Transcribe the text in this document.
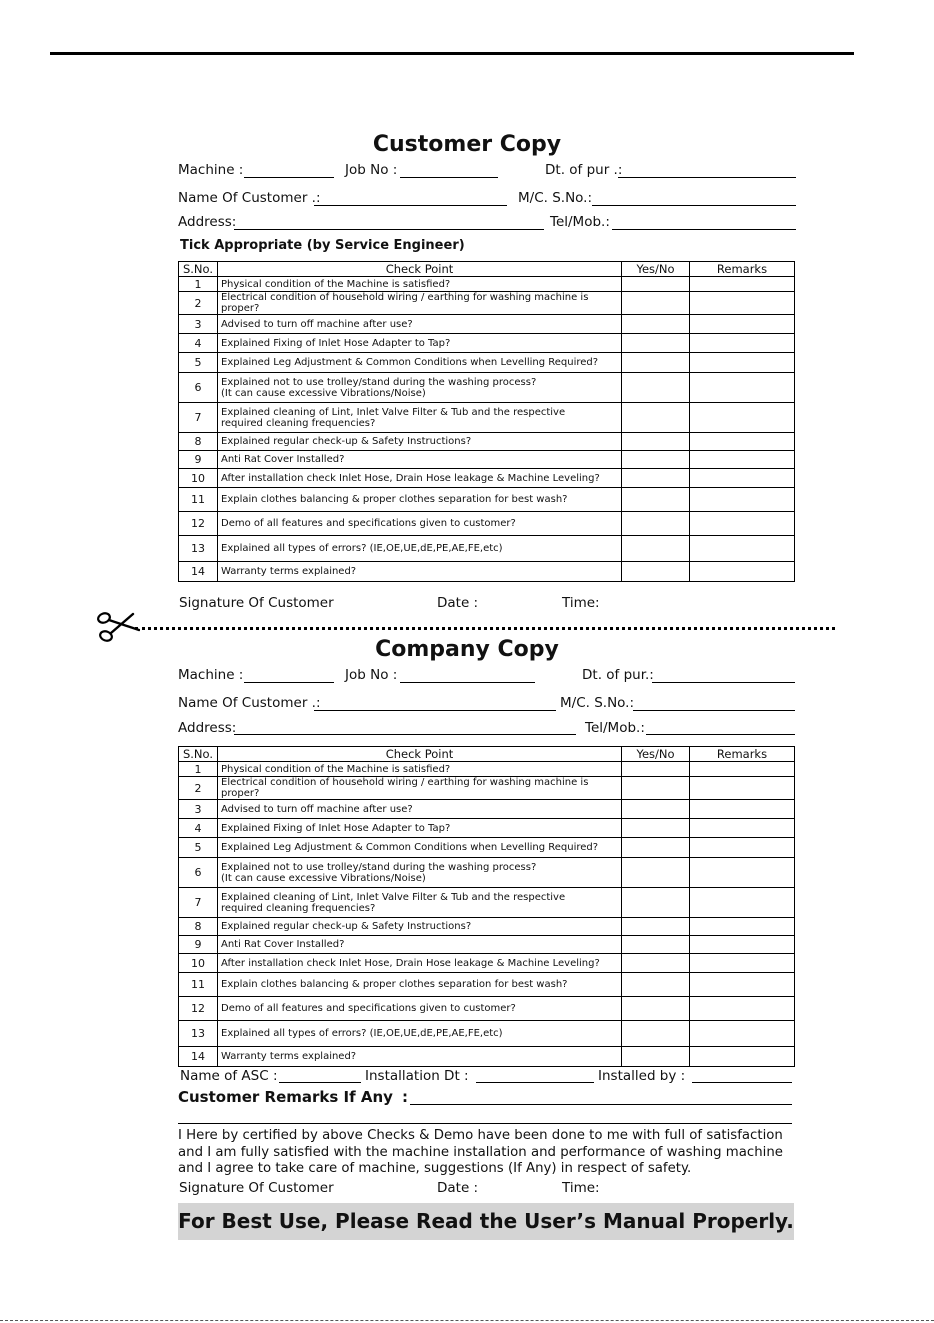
Customer Copy
Machine :	Job No :	Dt. of pur .:
Name Of Customer .:	M/C. S.No.:
Address:	Tel/Mob.:
Tick Appropriate (by Service Engineer)
S.No.	Check Point	Yes/No	Remarks
1	Physical condition of the Machine is satisfied?		
2	Electrical condition of household wiring / earthing for washing machine is proper?		
3	Advised to turn off machine after use?		
4	Explained Fixing of Inlet Hose Adapter to Tap?		
5	Explained Leg Adjustment & Common Conditions when Levelling Required?		
6	Explained not to use trolley/stand during the washing process?
(It can cause excessive Vibrations/Noise)		
7	Explained cleaning of Lint, Inlet Valve Filter & Tub and the respective
required cleaning frequencies?		
8	Explained regular check-up & Safety Instructions?		
9	Anti Rat Cover Installed?		
10	After installation check Inlet Hose, Drain Hose leakage & Machine Leveling?		
11	Explain clothes balancing & proper clothes separation for best wash?		
12	Demo of all features and specifications given to customer?		
13	Explained all types of errors? (IE,OE,UE,dE,PE,AE,FE,etc)		
14	Warranty terms explained?		
Signature Of Customer	Date :	Time:
Company Copy
Machine :	Job No :	Dt. of pur.:
Name Of Customer .:	M/C. S.No.:
Address:	Tel/Mob.:
S.No.	Check Point	Yes/No	Remarks
1	Physical condition of the Machine is satisfied?		
2	Electrical condition of household wiring / earthing for washing machine is proper?		
3	Advised to turn off machine after use?		
4	Explained Fixing of Inlet Hose Adapter to Tap?		
5	Explained Leg Adjustment & Common Conditions when Levelling Required?		
6	Explained not to use trolley/stand during the washing process?
(It can cause excessive Vibrations/Noise)		
7	Explained cleaning of Lint, Inlet Valve Filter & Tub and the respective
required cleaning frequencies?		
8	Explained regular check-up & Safety Instructions?		
9	Anti Rat Cover Installed?		
10	After installation check Inlet Hose, Drain Hose leakage & Machine Leveling?		
11	Explain clothes balancing & proper clothes separation for best wash?		
12	Demo of all features and specifications given to customer?		
13	Explained all types of errors? (IE,OE,UE,dE,PE,AE,FE,etc)		
14	Warranty terms explained?		
Name of ASC :	Installation Dt :	Installed by :
Customer Remarks If Any :
I Here by certified by above Checks & Demo have been done to me with full of satisfaction and I am fully satisfied with the machine installation and performance of washing machine and I agree to take care of machine, suggestions (If Any) in respect of safety.
Signature Of Customer	Date :	Time:
For Best Use, Please Read the User’s Manual Properly.
